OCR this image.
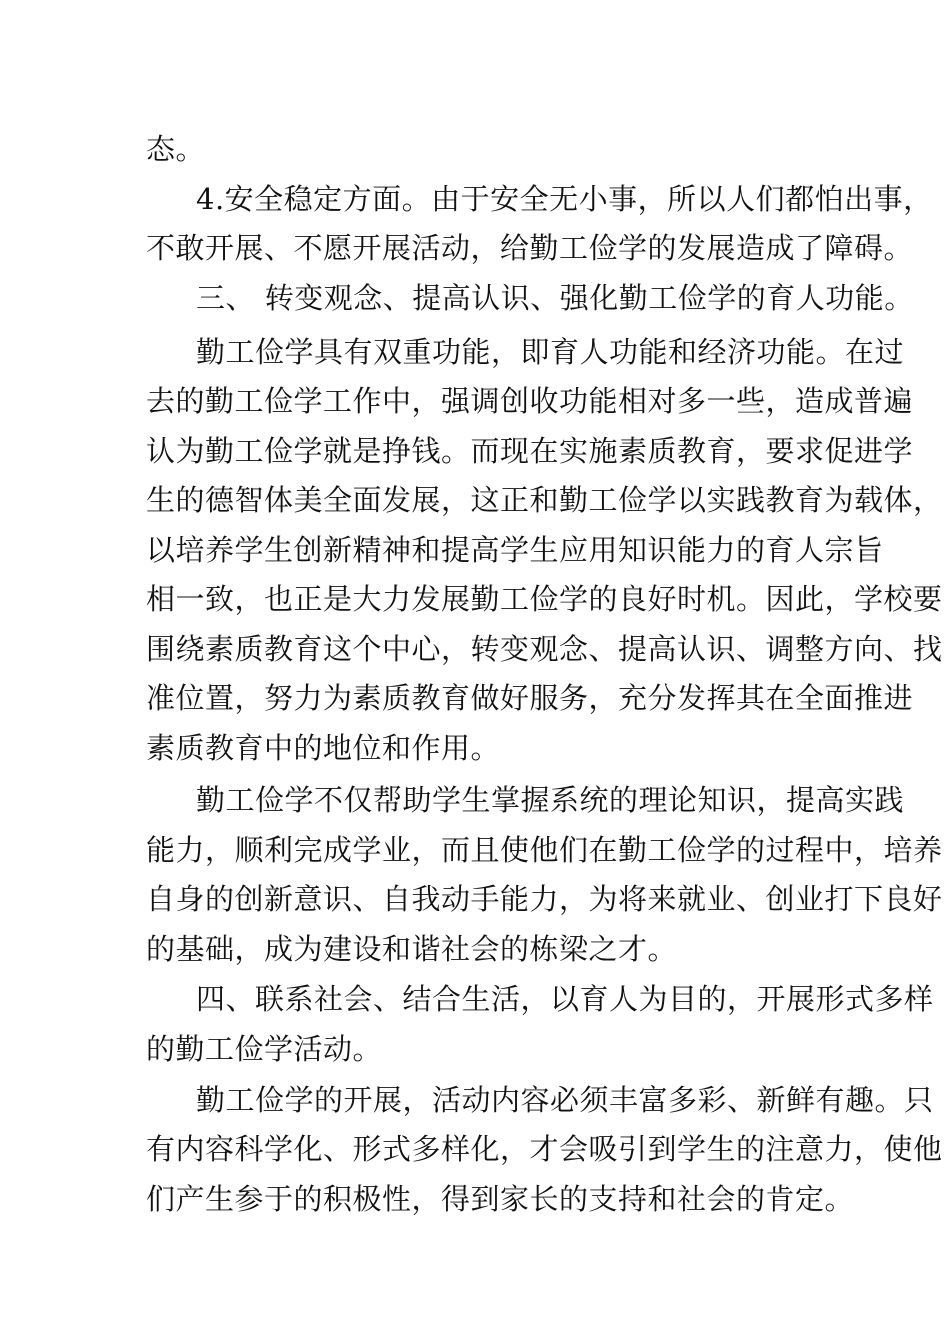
态。
4.安全稳定方面。由于安全无小事，所以人们都怕出事，
不敢开展、不愿开展活动，给勤工俭学的发展造成了障碍。
三、 转变观念、提高认识、强化勤工俭学的育人功能。
勤工俭学具有双重功能，即育人功能和经济功能。在过
去的勤工俭学工作中，强调创收功能相对多一些，造成普遍
认为勤工俭学就是挣钱。而现在实施素质教育，要求促进学
生的德智体美全面发展，这正和勤工俭学以实践教育为载体，
以培养学生创新精神和提高学生应用知识能力的育人宗旨
相一致，也正是大力发展勤工俭学的良好时机。因此，学校要
围绕素质教育这个中心，转变观念、提高认识、调整方向、找
准位置，努力为素质教育做好服务，充分发挥其在全面推进
素质教育中的地位和作用。
勤工俭学不仅帮助学生掌握系统的理论知识，提高实践
能力，顺利完成学业，而且使他们在勤工俭学的过程中，培养
自身的创新意识、自我动手能力，为将来就业、创业打下良好
的基础，成为建设和谐社会的栋梁之才。
四、联系社会、结合生活，以育人为目的，开展形式多样
的勤工俭学活动。
勤工俭学的开展，活动内容必须丰富多彩、新鲜有趣。只
有内容科学化、形式多样化，才会吸引到学生的注意力，使他
们产生参于的积极性，得到家长的支持和社会的肯定。
